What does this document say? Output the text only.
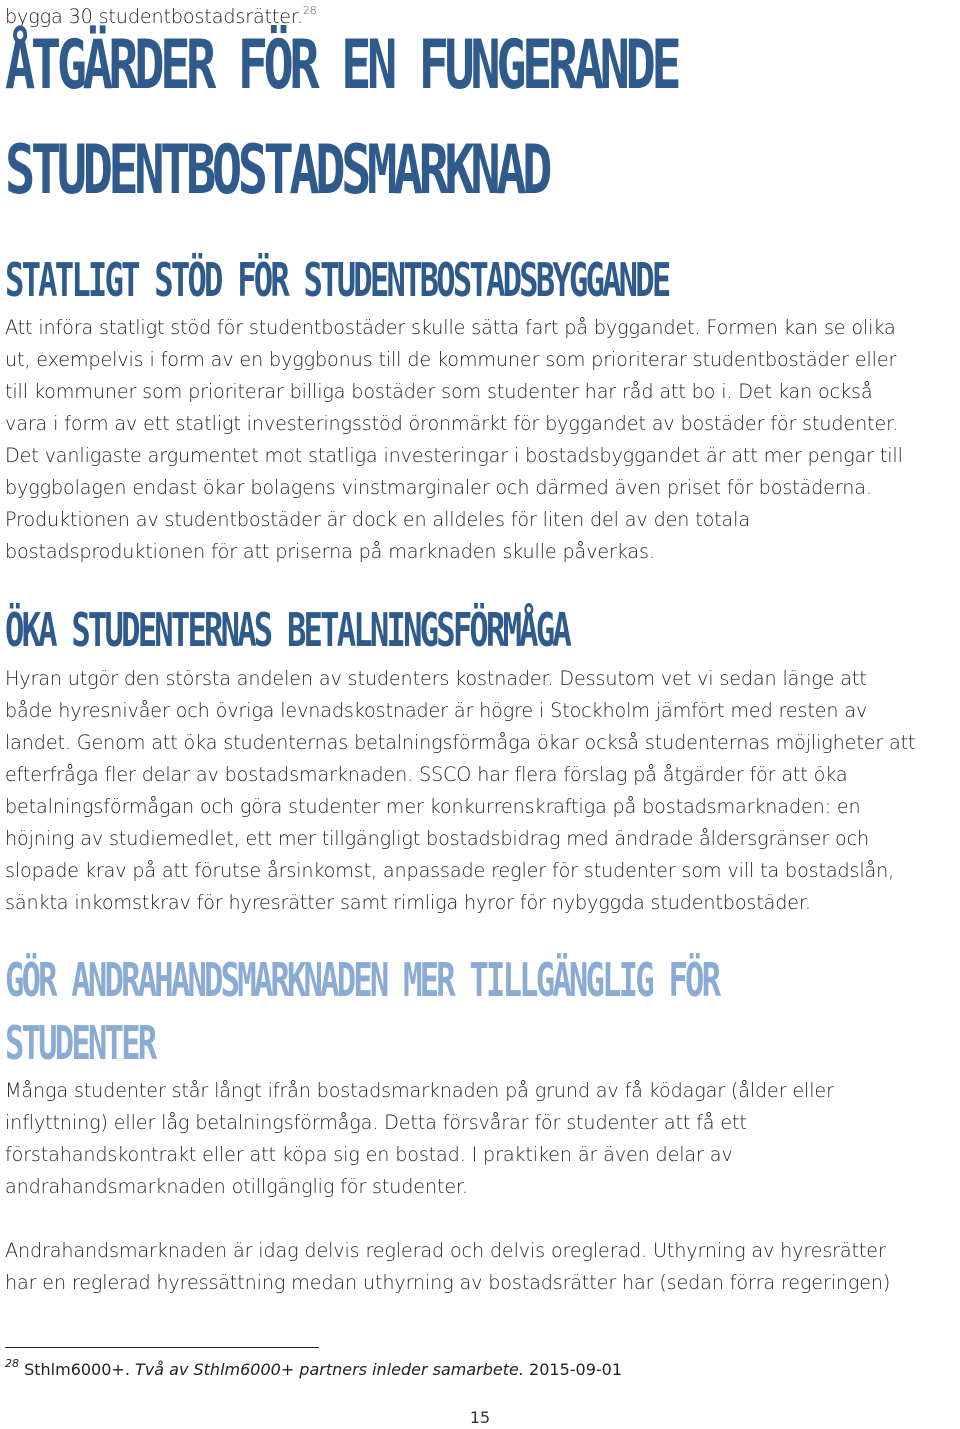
bygga 30 studentbostadsrätter.$^{28}$

ÅTGÄRDER FÖR EN FUNGERANDE
STUDENTBOSTADSMARKNAD
STATLIGT STÖD FÖR STUDENTBOSTADSBYGGANDE

Att införa statligt stöd för studentbostäder skulle sätta fart på byggandet. Formen kan se olika

ut, exempelvis i form av en byggbonus till de kommuner som prioriterar studentbostäder eller

till kommuner som prioriterar billiga bostäder som studenter har råd att bo i. Det kan också

vara i form av ett statligt investeringsstöd öronmärkt för byggandet av bostäder för studenter.

Det vanligaste argumentet mot statliga investeringar i bostadsbyggandet är att mer pengar till

byggbolagen endast ökar bolagens vinstmarginaler och därmed även priset för bostäderna.

Produktionen av studentbostäder är dock en alldeles för liten del av den totala

bostadsproduktionen för att priserna på marknaden skulle påverkas.

ÖKA STUDENTERNAS BETALNINGSFÖRMÅGA

Hyran utgör den största andelen av studenters kostnader. Dessutom vet vi sedan länge att

både hyresnivåer och övriga levnadskostnader är högre i Stockholm jämfört med resten av

landet. Genom att öka studenternas betalningsförmåga ökar också studenternas möjligheter att

efterfråga fler delar av bostadsmarknaden. SSCO har flera förslag på åtgärder för att öka

betalningsförmågan och göra studenter mer konkurrenskraftiga på bostadsmarknaden: en

höjning av studiemedlet, ett mer tillgängligt bostadsbidrag med ändrade åldersgränser och

slopade krav på att förutse årsinkomst, anpassade regler för studenter som vill ta bostadslån,

sänkta inkomstkrav för hyresrätter samt rimliga hyror för nybyggda studentbostäder.

GÖR ANDRAHANDSMARKNADEN MER TILLGÄNGLIG FÖR
STUDENTER

Många studenter står långt ifrån bostadsmarknaden på grund av få ködagar (ålder eller

inflyttning) eller låg betalningsförmåga. Detta försvårar för studenter att få ett

förstahandskontrakt eller att köpa sig en bostad. I praktiken är även delar av

andrahandsmarknaden otillgänglig för studenter.

Andrahandsmarknaden är idag delvis reglerad och delvis oreglerad. Uthyrning av hyresrätter

har en reglerad hyressättning medan uthyrning av bostadsrätter har (sedan förra regeringen)

$^{28}$ Sthlm6000+. Två av Sthlm6000+ partners inleder samarbete. 2015-09-01
15
